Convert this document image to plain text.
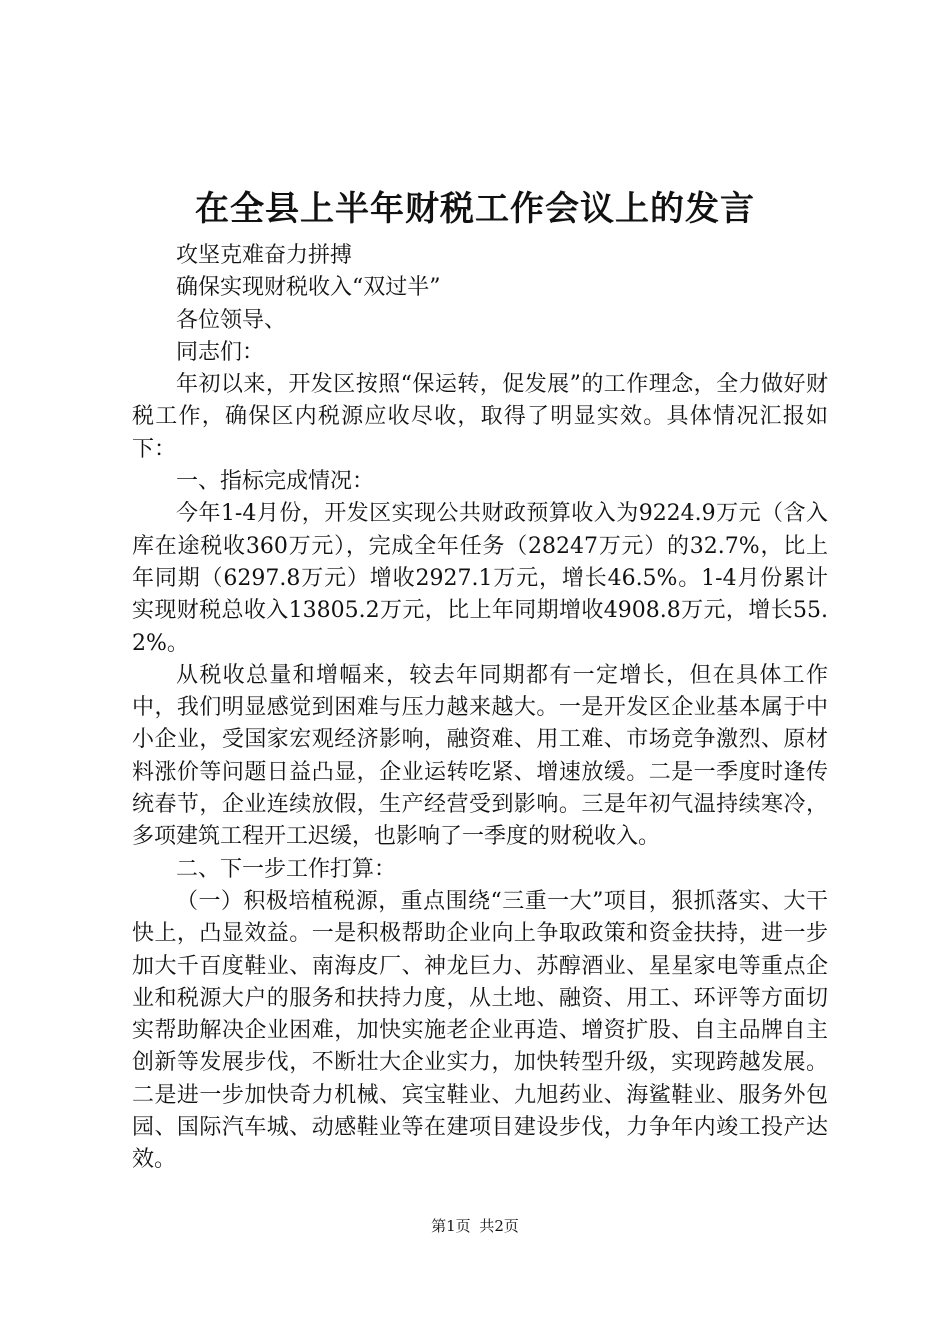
在全县上半年财税工作会议上的发言

攻坚克难奋力拼搏

确保实现财税收入“双过半”

各位领导、

同志们：

年初以来，开发区按照“保运转，促发展”的工作理念，全力做好财税工作，确保区内税源应收尽收，取得了明显实效。具体情况汇报如下：

一、指标完成情况：

今年1-4月份，开发区实现公共财政预算收入为9224.9万元（含入库在途税收360万元），完成全年任务（28247万元）的32.7%，比上年同期（6297.8万元）增收2927.1万元，增长46.5%。1-4月份累计实现财税总收入13805.2万元，比上年同期增收4908.8万元，增长55.2%。

从税收总量和增幅来，较去年同期都有一定增长，但在具体工作中，我们明显感觉到困难与压力越来越大。一是开发区企业基本属于中小企业，受国家宏观经济影响，融资难、用工难、市场竞争激烈、原材料涨价等问题日益凸显，企业运转吃紧、增速放缓。二是一季度时逢传统春节，企业连续放假，生产经营受到影响。三是年初气温持续寒冷，多项建筑工程开工迟缓，也影响了一季度的财税收入。

二、下一步工作打算：

（一）积极培植税源，重点围绕“三重一大”项目，狠抓落实、大干快上，凸显效益。一是积极帮助企业向上争取政策和资金扶持，进一步加大千百度鞋业、南海皮厂、神龙巨力、苏醇酒业、星星家电等重点企业和税源大户的服务和扶持力度，从土地、融资、用工、环评等方面切实帮助解决企业困难，加快实施老企业再造、增资扩股、自主品牌自主创新等发展步伐，不断壮大企业实力，加快转型升级，实现跨越发展。二是进一步加快奇力机械、宾宝鞋业、九旭药业、海鲨鞋业、服务外包园、国际汽车城、动感鞋业等在建项目建设步伐，力争年内竣工投产达效。

第1页 共2页
